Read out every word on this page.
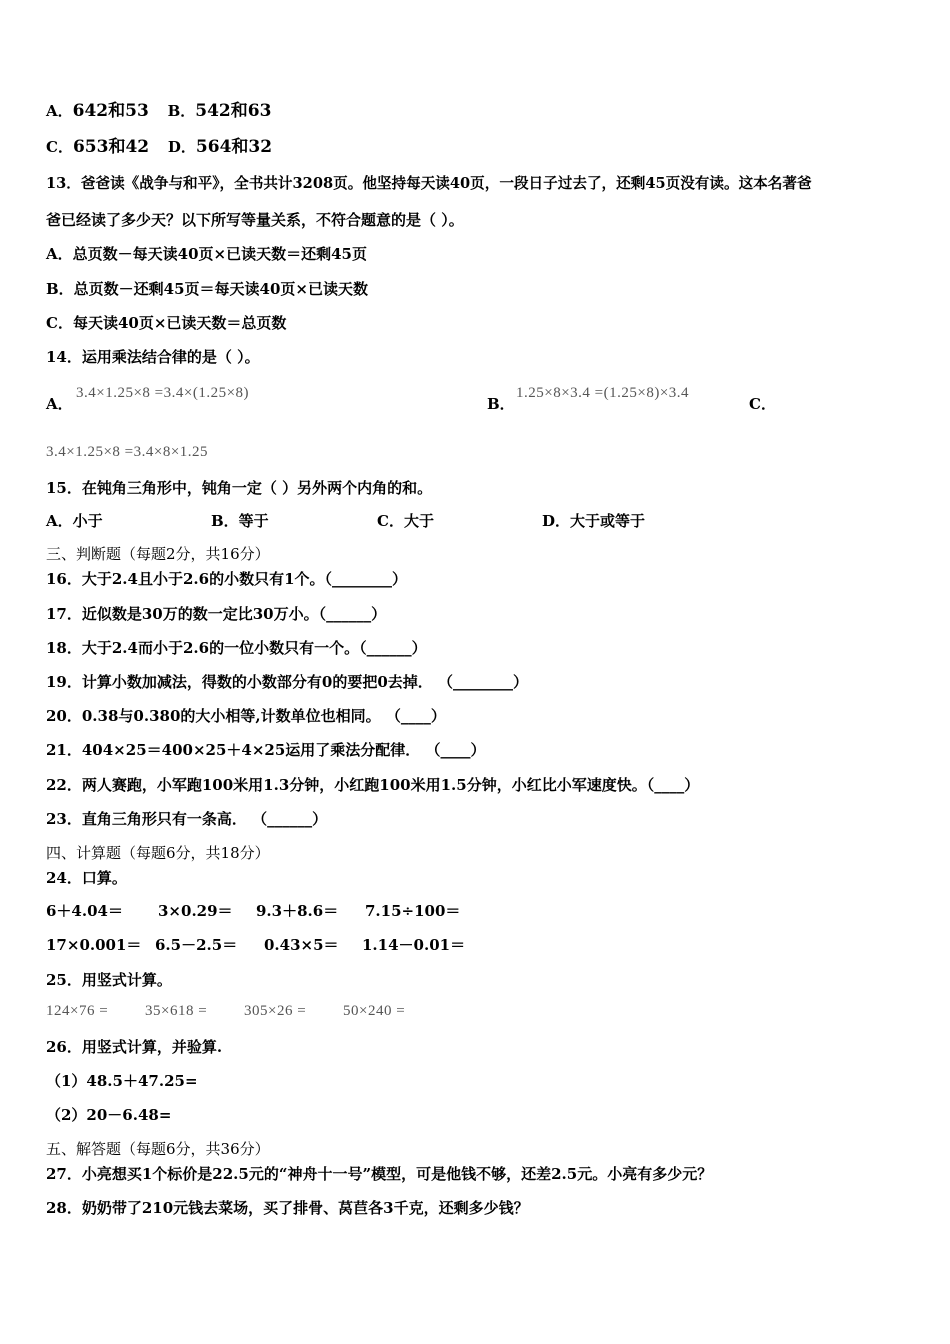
A．642和53 B．542和63
C．653和42 D．564和32
13．爸爸读《战争与和平》，全书共计3208页。他坚持每天读40页，一段日子过去了，还剩45页没有读。这本名著爸
爸已经读了多少天？以下所写等量关系，不符合题意的是（ ）。
A．总页数－每天读40页×已读天数＝还剩45页
B．总页数－还剩45页＝每天读40页×已读天数
C．每天读40页×已读天数＝总页数
14．运用乘法结合律的是（ ）。
A．
3.4×1.25×8 =3.4×(1.25×8)
B．
1.25×8×3.4 =(1.25×8)×3.4
C．
3.4×1.25×8 =3.4×8×1.25
15．在钝角三角形中，钝角一定（ ）另外两个内角的和。
A．小于	B．等于	C．大于	D．大于或等于
三、判断题（每题2分，共16分）
16．大于2.4且小于2.6的小数只有1个。（________）
17．近似数是30万的数一定比30万小。（______）
18．大于2.4而小于2.6的一位小数只有一个。（______）
19．计算小数加减法，得数的小数部分有0的要把0去掉． （________）
20．0.38与0.380的大小相等,计数单位也相同。 （____）
21．404×25＝400×25＋4×25运用了乘法分配律． （____）
22．两人赛跑，小军跑100米用1.3分钟，小红跑100米用1.5分钟，小红比小军速度快。（____）
23．直角三角形只有一条高． （______）
四、计算题（每题6分，共18分）
24．口算。
6＋4.04＝ 3×0.29＝ 9.3＋8.6＝ 7.15÷100＝
17×0.001＝ 6.5－2.5＝ 0.43×5＝ 1.14－0.01＝
25．用竖式计算。
124×76 = 35×618 = 305×26 = 50×240 =
26．用竖式计算，并验算.
（1）48.5＋47.25=
（2）20－6.48=
五、解答题（每题6分，共36分）
27．小亮想买1个标价是22.5元的“神舟十一号”模型，可是他钱不够，还差2.5元。小亮有多少元？
28．奶奶带了210元钱去菜场，买了排骨、莴苣各3千克，还剩多少钱？
